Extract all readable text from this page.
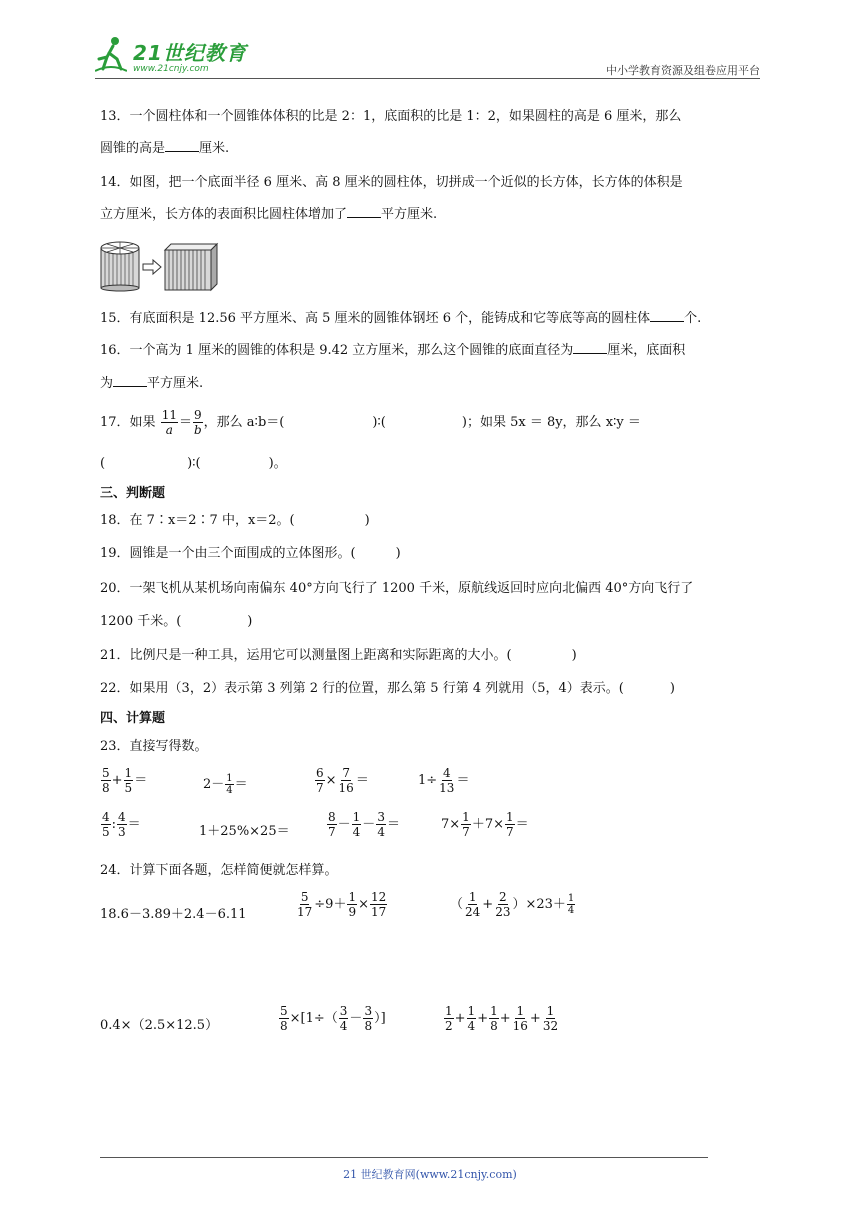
21世纪教育
www.21cnjy.com	中小学教育资源及组卷应用平台
13．一个圆柱体和一个圆锥体体积的比是 2：1，底面积的比是 1：2，如果圆柱的高是 6 厘米，那么
圆锥的高是	厘米.
14．如图，把一个底面半径 6 厘米、高 8 厘米的圆柱体，切拼成一个近似的长方体，长方体的体积是
立方厘米，长方体的表面积比圆柱体增加了	平方厘米.
15．有底面积是 12.56 平方厘米、高 5 厘米的圆锥体钢坯 6 个，能铸成和它等底等高的圆柱体	个.
16．一个高为 1 厘米的圆锥的体积是 9.42 立方厘米，那么这个圆锥的底面直径为	厘米，底面积
为	平方厘米.
17．如果 $\frac{11}{a} = \frac{9}{b}$ ，那么 a∶b＝(	)∶(	)；如果 5x ＝ 8y，那么 x∶y ＝
(	)∶(	)。
三、判断题
18．在 7∶x＝2∶7 中，x＝2。(	)
19．圆锥是一个由三个面围成的立体图形。(	)
20．一架飞机从某机场向南偏东 40°方向飞行了 1200 千米，原航线返回时应向北偏西 40°方向飞行了
1200 千米。(	)
21．比例尺是一种工具，运用它可以测量图上距离和实际距离的大小。(	)
22．如果用（3，2）表示第 3 列第 2 行的位置，那么第 5 行第 4 列就用（5，4）表示。(	)
四、计算题
23．直接写得数。
$\frac{5}{8} + \frac{1}{5}$ ＝	$2- \frac{1}{4}$ ＝	$\frac{6}{7} \times \frac{7}{16}$ ＝	$1\div \frac{4}{13}$ ＝
$\frac{4}{5}$ : $\frac{4}{3}$ ＝	1＋25%×25＝	$\frac{8}{7} - \frac{1}{4} - \frac{3}{4}$ ＝	$7\times \frac{1}{7} +7\times \frac{1}{7}$ ＝
24．计算下面各题，怎样简便就怎样算。
18.6－3.89＋2.4－6.11	$\frac{5}{17} \div 9+ \frac{1}{9} \times \frac{12}{17}$	（ $\frac{1}{24} + \frac{2}{23} )\times 23+ \frac{1}{4}$
0.4×（2.5×12.5）	$\frac{5}{8} \times[1\div( \frac{3}{4} - \frac{3}{8}$ ）]	$\frac{1}{2} + \frac{1}{4} + \frac{1}{8} + \frac{1}{16} + \frac{1}{32}$
21 世纪教育网(www.21cnjy.com)
